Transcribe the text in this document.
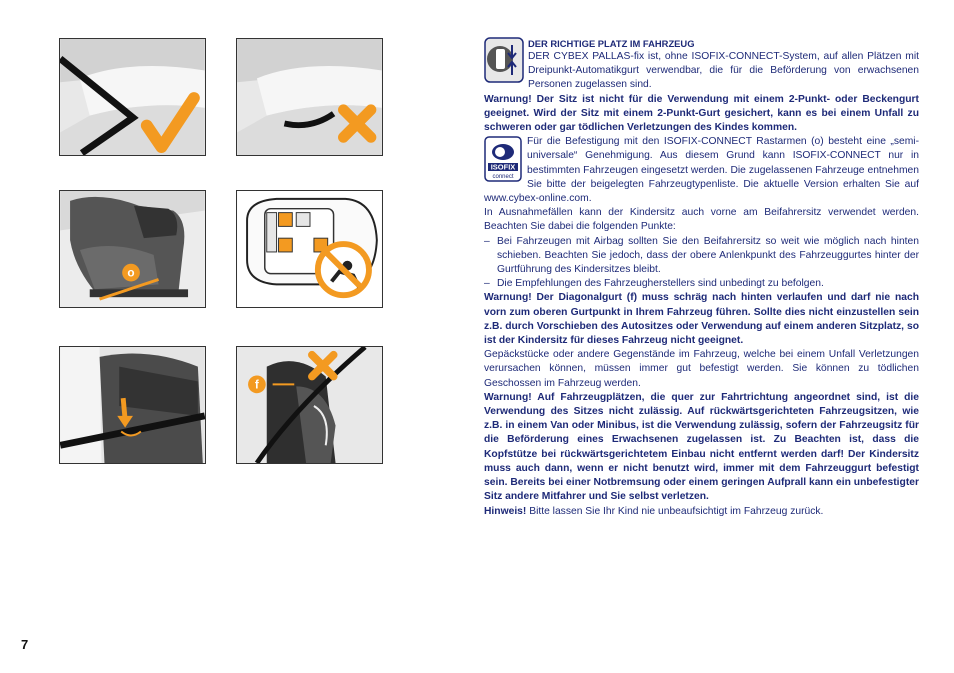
o
f

DER RICHTIGE PLATZ IM FAHRZEUG

DER CYBEX PALLAS-fix ist, ohne ISOFIX-CONNECT-System, auf allen Plätzen mit Dreipunkt-Automatikgurt verwendbar, die für die Beförderung von erwachsenen Personen zugelassen sind.

Warnung! Der Sitz ist nicht für die Verwendung mit einem 2-Punkt- oder Beckengurt geeignet. Wird der Sitz mit einem 2-Punkt-Gurt gesichert, kann es bei einem Unfall zu schweren oder gar tödlichen Verletzungen des Kindes kommen.

ISOFIX
connect

Für die Befestigung mit den ISOFIX-CONNECT Rastarmen (o) besteht eine „semi-universale“ Genehmigung. Aus diesem Grund kann ISOFIX-CONNECT nur in bestimmten Fahrzeugen eingesetzt werden. Die zugelassenen Fahrzeuge entnehmen Sie bitte der beigelegten Fahrzeugtypenliste. Die aktuelle Version erhalten Sie auf www.cybex-online.com.

In Ausnahmefällen kann der Kindersitz auch vorne am Beifahrersitz verwendet werden. Beachten Sie dabei die folgenden Punkte:

– Bei Fahrzeugen mit Airbag sollten Sie den Beifahrersitz so weit wie möglich nach hinten schieben. Beachten Sie jedoch, dass der obere Anlenkpunkt des Fahrzeuggurtes hinter der Gurtführung des Kindersitzes bleibt.
– Die Empfehlungen des Fahrzeugherstellers sind unbedingt zu befolgen.

Warnung! Der Diagonalgurt (f) muss schräg nach hinten verlaufen und darf nie nach vorn zum oberen Gurtpunkt in Ihrem Fahrzeug führen. Sollte dies nicht einzustellen sein z.B. durch Vorschieben des Autositzes oder Verwendung auf einem anderen Sitzplatz, so ist der Kindersitz für dieses Fahrzeug nicht geeignet.

Gepäckstücke oder andere Gegenstände im Fahrzeug, welche bei einem Unfall Verletzungen verursachen können, müssen immer gut befestigt werden. Sie können zu tödlichen Geschossen im Fahrzeug werden.

Warnung! Auf Fahrzeugplätzen, die quer zur Fahrtrichtung angeordnet sind, ist die Verwendung des Sitzes nicht zulässig. Auf rückwärtsgerichteten Fahrzeugsitzen, wie z.B. in einem Van oder Minibus, ist die Verwendung zulässig, sofern der Fahrzeugsitz für die Beförderung eines Erwachsenen zugelassen ist. Zu Beachten ist, dass die Kopfstütze bei rückwärtsgerichtetem Einbau nicht entfernt werden darf! Der Kindersitz muss auch dann, wenn er nicht benutzt wird, immer mit dem Fahrzeuggurt befestigt sein. Bereits bei einer Notbremsung oder einem geringen Aufprall kann ein unbefestigter Sitz andere Mitfahrer und Sie selbst verletzen.

Hinweis! Bitte lassen Sie Ihr Kind nie unbeaufsichtigt im Fahrzeug zurück.

7
